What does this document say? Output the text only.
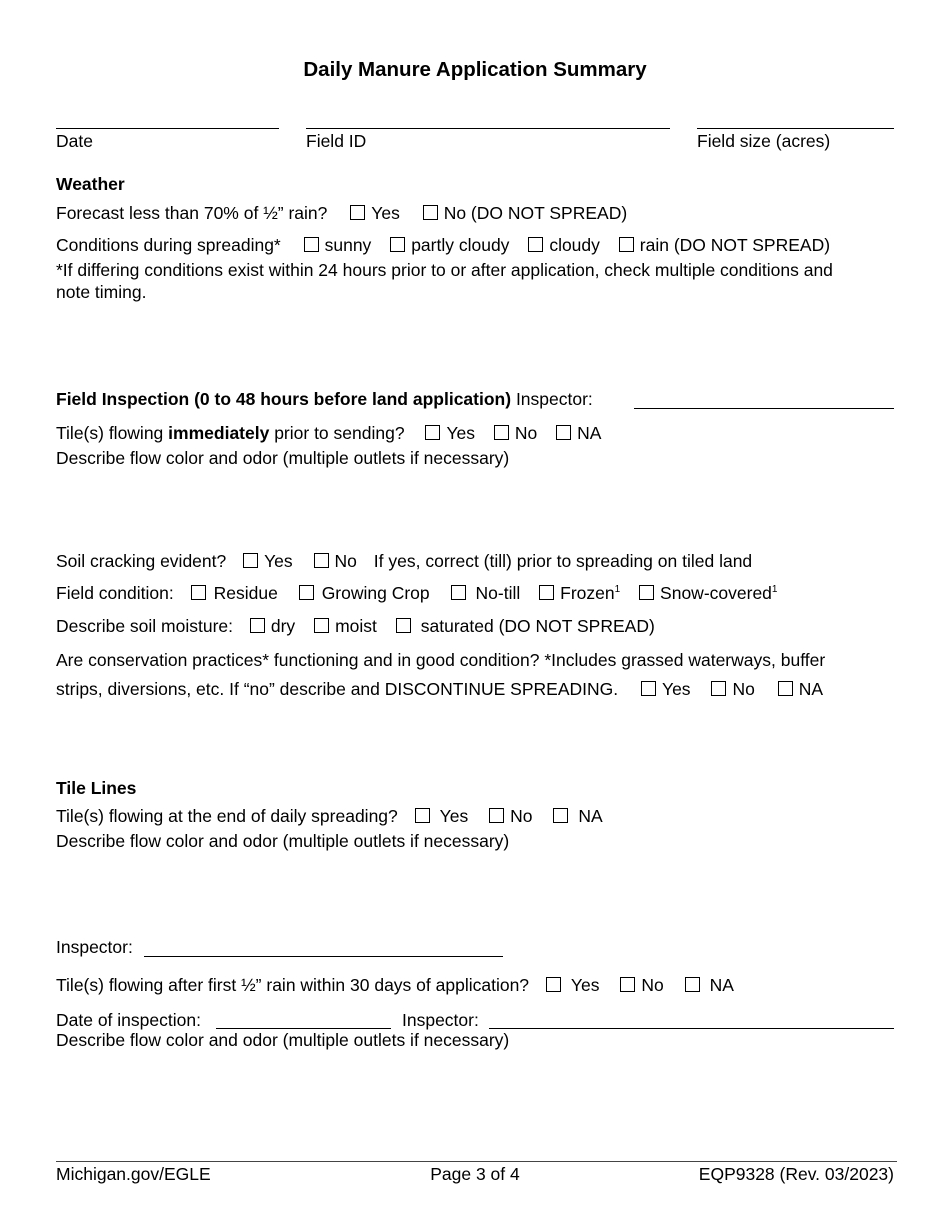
Daily Manure Application Summary
Date	Field ID	Field size (acres)
Weather
Forecast less than 70% of ½” rain?	Yes	No (DO NOT SPREAD)
Conditions during spreading*	sunny partly cloudy cloudy rain (DO NOT SPREAD)
*If differing conditions exist within 24 hours prior to or after application, check multiple conditions and
note timing.
Field Inspection (0 to 48 hours before land application) Inspector:
Tile(s) flowing immediately prior to sending? Yes No NA
Describe flow color and odor (multiple outlets if necessary)
Soil cracking evident? Yes No If yes, correct (till) prior to spreading on tiled land
Field condition: Residue	Growing Crop	No-till Frozen$^1$ Snow-covered$^1$
Describe soil moisture: dry moist	saturated (DO NOT SPREAD)
Are conservation practices* functioning and in good condition? *Includes grassed waterways, buffer
strips, diversions, etc. If “no” describe and DISCONTINUE SPREADING.	Yes No	NA
Tile Lines
Tile(s) flowing at the end of daily spreading? Yes No	NA
Describe flow color and odor (multiple outlets if necessary)
Inspector:
Tile(s) flowing after first ½” rain within 30 days of application? Yes No	NA
Date of inspection:	Inspector:
Describe flow color and odor (multiple outlets if necessary)
Michigan.gov/EGLE	Page 3 of 4	EQP9328 (Rev. 03/2023)
